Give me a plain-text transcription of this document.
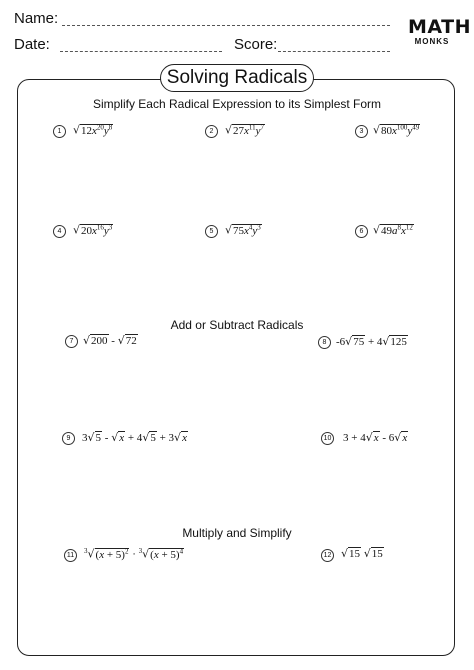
Name:
Date:	Score:
MATH
MONKS
Solving Radicals
Simplify Each Radical Expression to its Simplest Form
Add or Subtract Radicals
Multiply and Simplify
1	2	3
4	5	6
7	8
9	10
11	12
$√12x^{20}y^8$	$√27x^{11}y^7$	$√80x^{100}y^{49}$
$√20x^{16}y^3$	$√75x^4y^3$	$√49a^8x^{12}$
√200 - √72	-6√75 + 4√125
3√5 - √x + 4√5 + 3√x	3 + 4√x - 6√x
$^3√(x + 5)^2 \cdot ^3√(x + 5)^4$	√15 √15
